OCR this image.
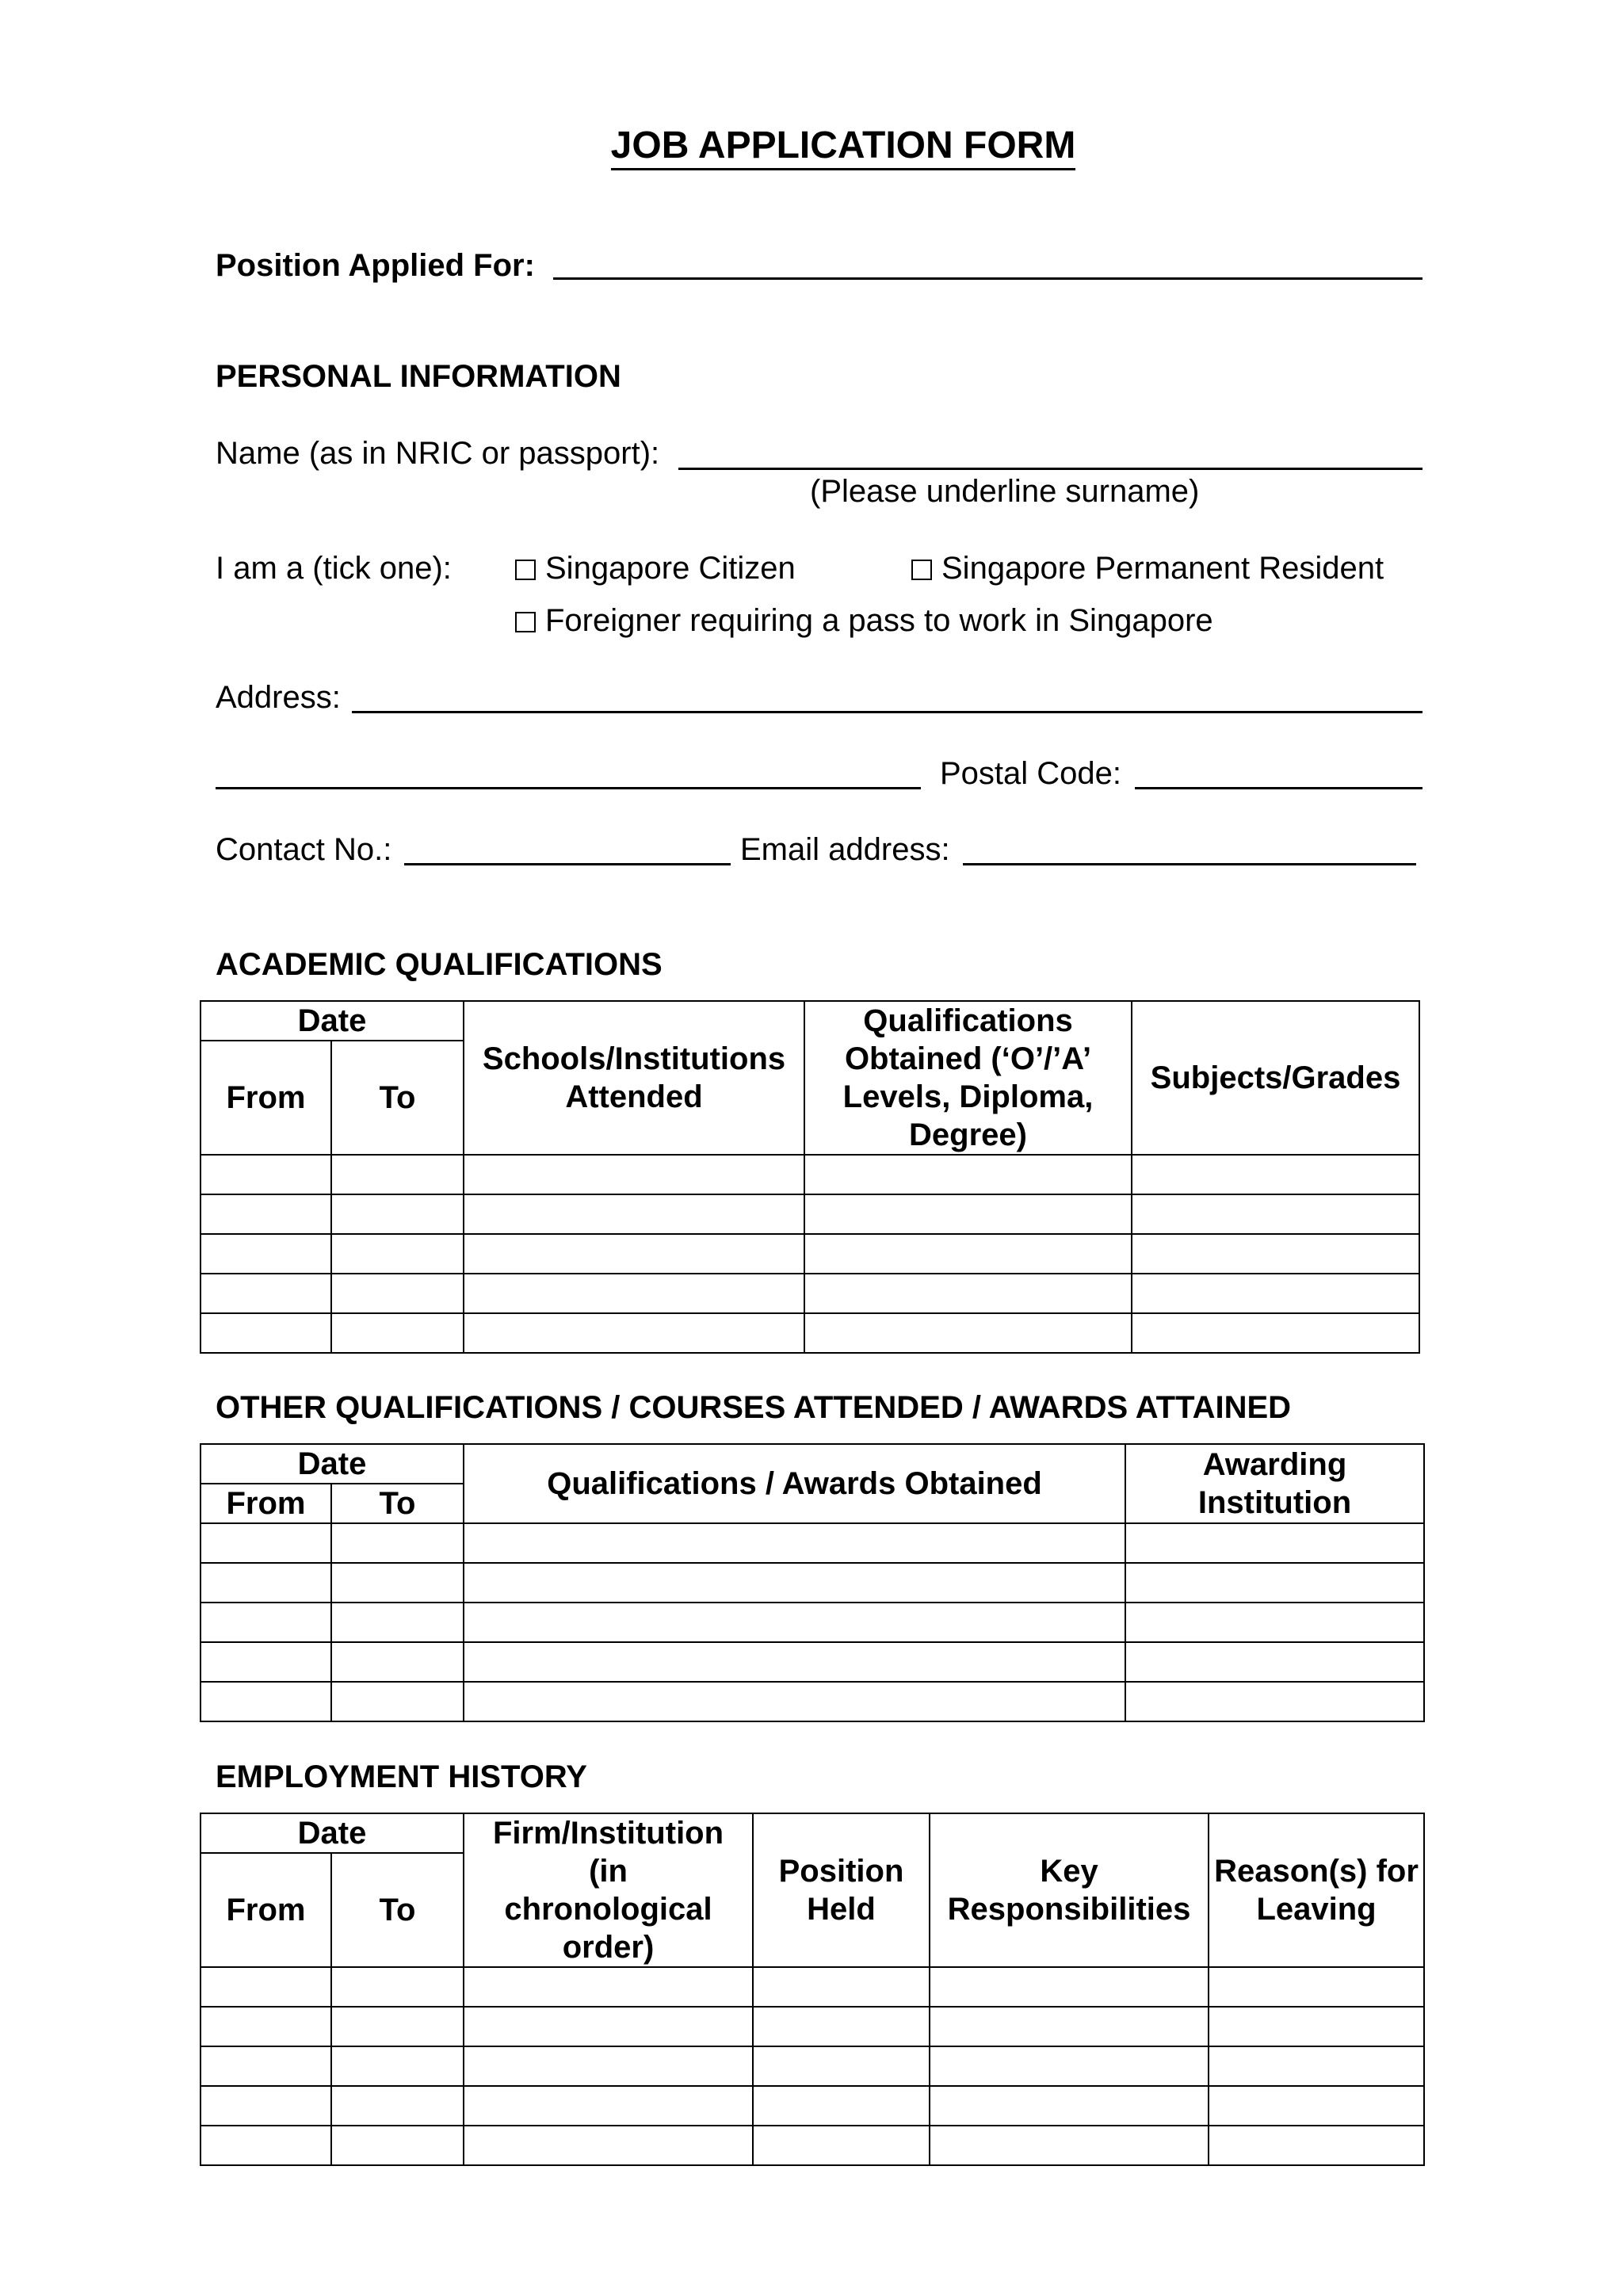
JOB APPLICATION FORM
Position Applied For:
PERSONAL INFORMATION
Name (as in NRIC or passport):
(Please underline surname)
I am a (tick one):	Singapore Citizen	Singapore Permanent Resident
Foreigner requiring a pass to work in Singapore
Address:
Postal Code:
Contact No.:	Email address:
ACADEMIC QUALIFICATIONS
Date		Schools/Institutions Attended	Qualifications Obtained (‘O’/’A’ Levels, Diploma, Degree)	Subjects/Grades
From	To			

OTHER QUALIFICATIONS / COURSES ATTENDED / AWARDS ATTAINED
Date		Qualifications / Awards Obtained	Awarding Institution
From	To		

EMPLOYMENT HISTORY
Date		Firm/Institution (in chronological order)	Position Held	Key Responsibilities	Reason(s) for Leaving
From	To				
